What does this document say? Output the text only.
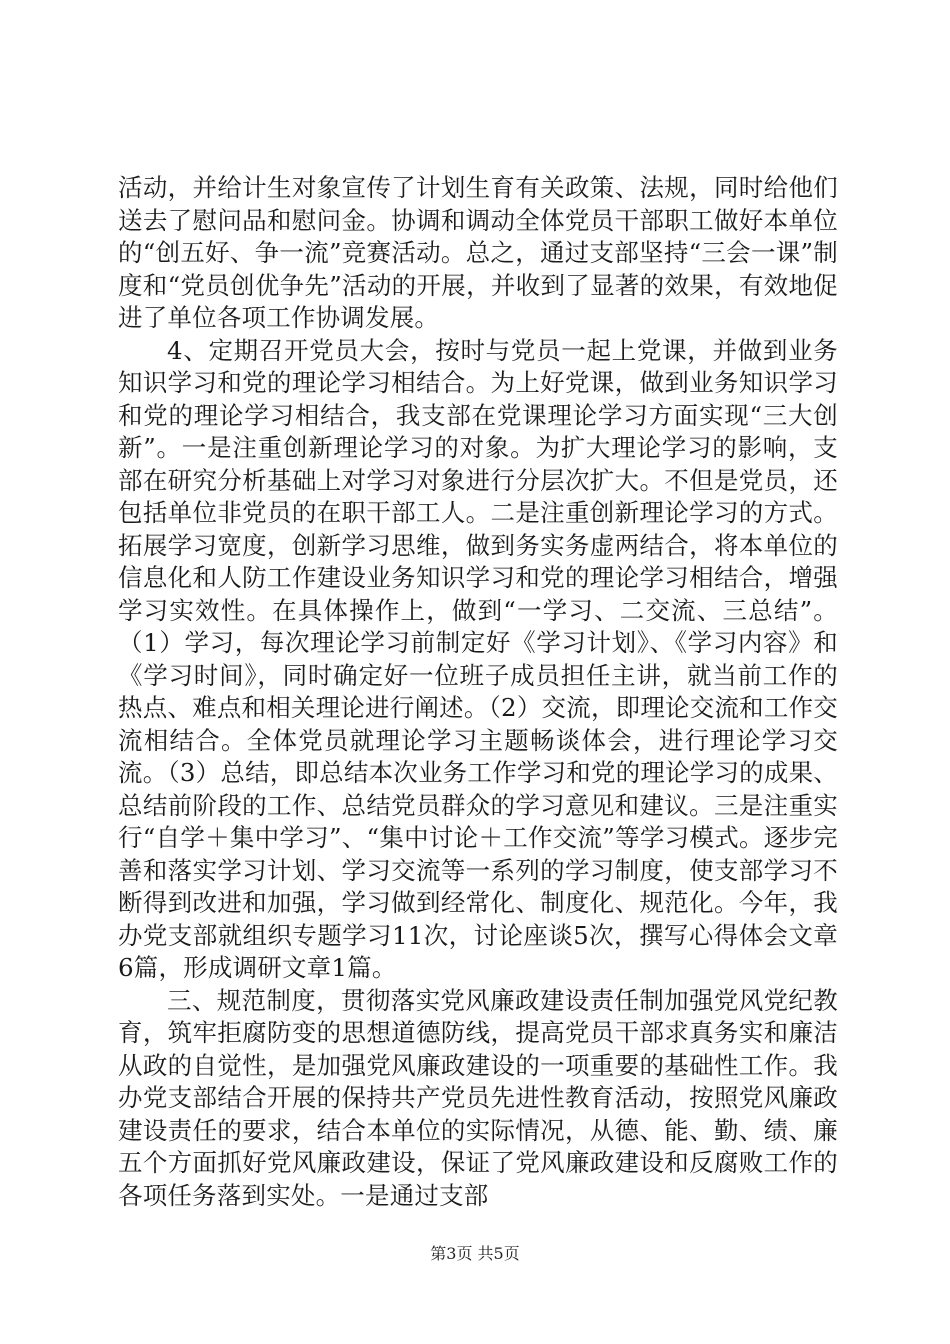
活动，并给计生对象宣传了计划生育有关政策、法规，同时给他们送去了慰问品和慰问金。协调和调动全体党员干部职工做好本单位的“创五好、争一流”竞赛活动。总之，通过支部坚持“三会一课”制度和“党员创优争先”活动的开展，并收到了显著的效果，有效地促进了单位各项工作协调发展。

4、定期召开党员大会，按时与党员一起上党课，并做到业务知识学习和党的理论学习相结合。为上好党课，做到业务知识学习和党的理论学习相结合，我支部在党课理论学习方面实现“三大创新”。一是注重创新理论学习的对象。为扩大理论学习的影响，支部在研究分析基础上对学习对象进行分层次扩大。不但是党员，还包括单位非党员的在职干部工人。二是注重创新理论学习的方式。拓展学习宽度，创新学习思维，做到务实务虚两结合，将本单位的信息化和人防工作建设业务知识学习和党的理论学习相结合，增强学习实效性。在具体操作上，做到“一学习、二交流、三总结”。（1）学习，每次理论学习前制定好《学习计划》、《学习内容》和《学习时间》，同时确定好一位班子成员担任主讲，就当前工作的热点、难点和相关理论进行阐述。（2）交流，即理论交流和工作交流相结合。全体党员就理论学习主题畅谈体会，进行理论学习交流。（3）总结，即总结本次业务工作学习和党的理论学习的成果、总结前阶段的工作、总结党员群众的学习意见和建议。三是注重实行“自学＋集中学习”、“集中讨论＋工作交流”等学习模式。逐步完善和落实学习计划、学习交流等一系列的学习制度，使支部学习不断得到改进和加强，学习做到经常化、制度化、规范化。今年，我办党支部就组织专题学习11次，讨论座谈5次，撰写心得体会文章6篇，形成调研文章1篇。

三、规范制度，贯彻落实党风廉政建设责任制加强党风党纪教育，筑牢拒腐防变的思想道德防线，提高党员干部求真务实和廉洁从政的自觉性，是加强党风廉政建设的一项重要的基础性工作。我办党支部结合开展的保持共产党员先进性教育活动，按照党风廉政建设责任的要求，结合本单位的实际情况，从德、能、勤、绩、廉五个方面抓好党风廉政建设，保证了党风廉政建设和反腐败工作的各项任务落到实处。一是通过支部

第3页 共5页
